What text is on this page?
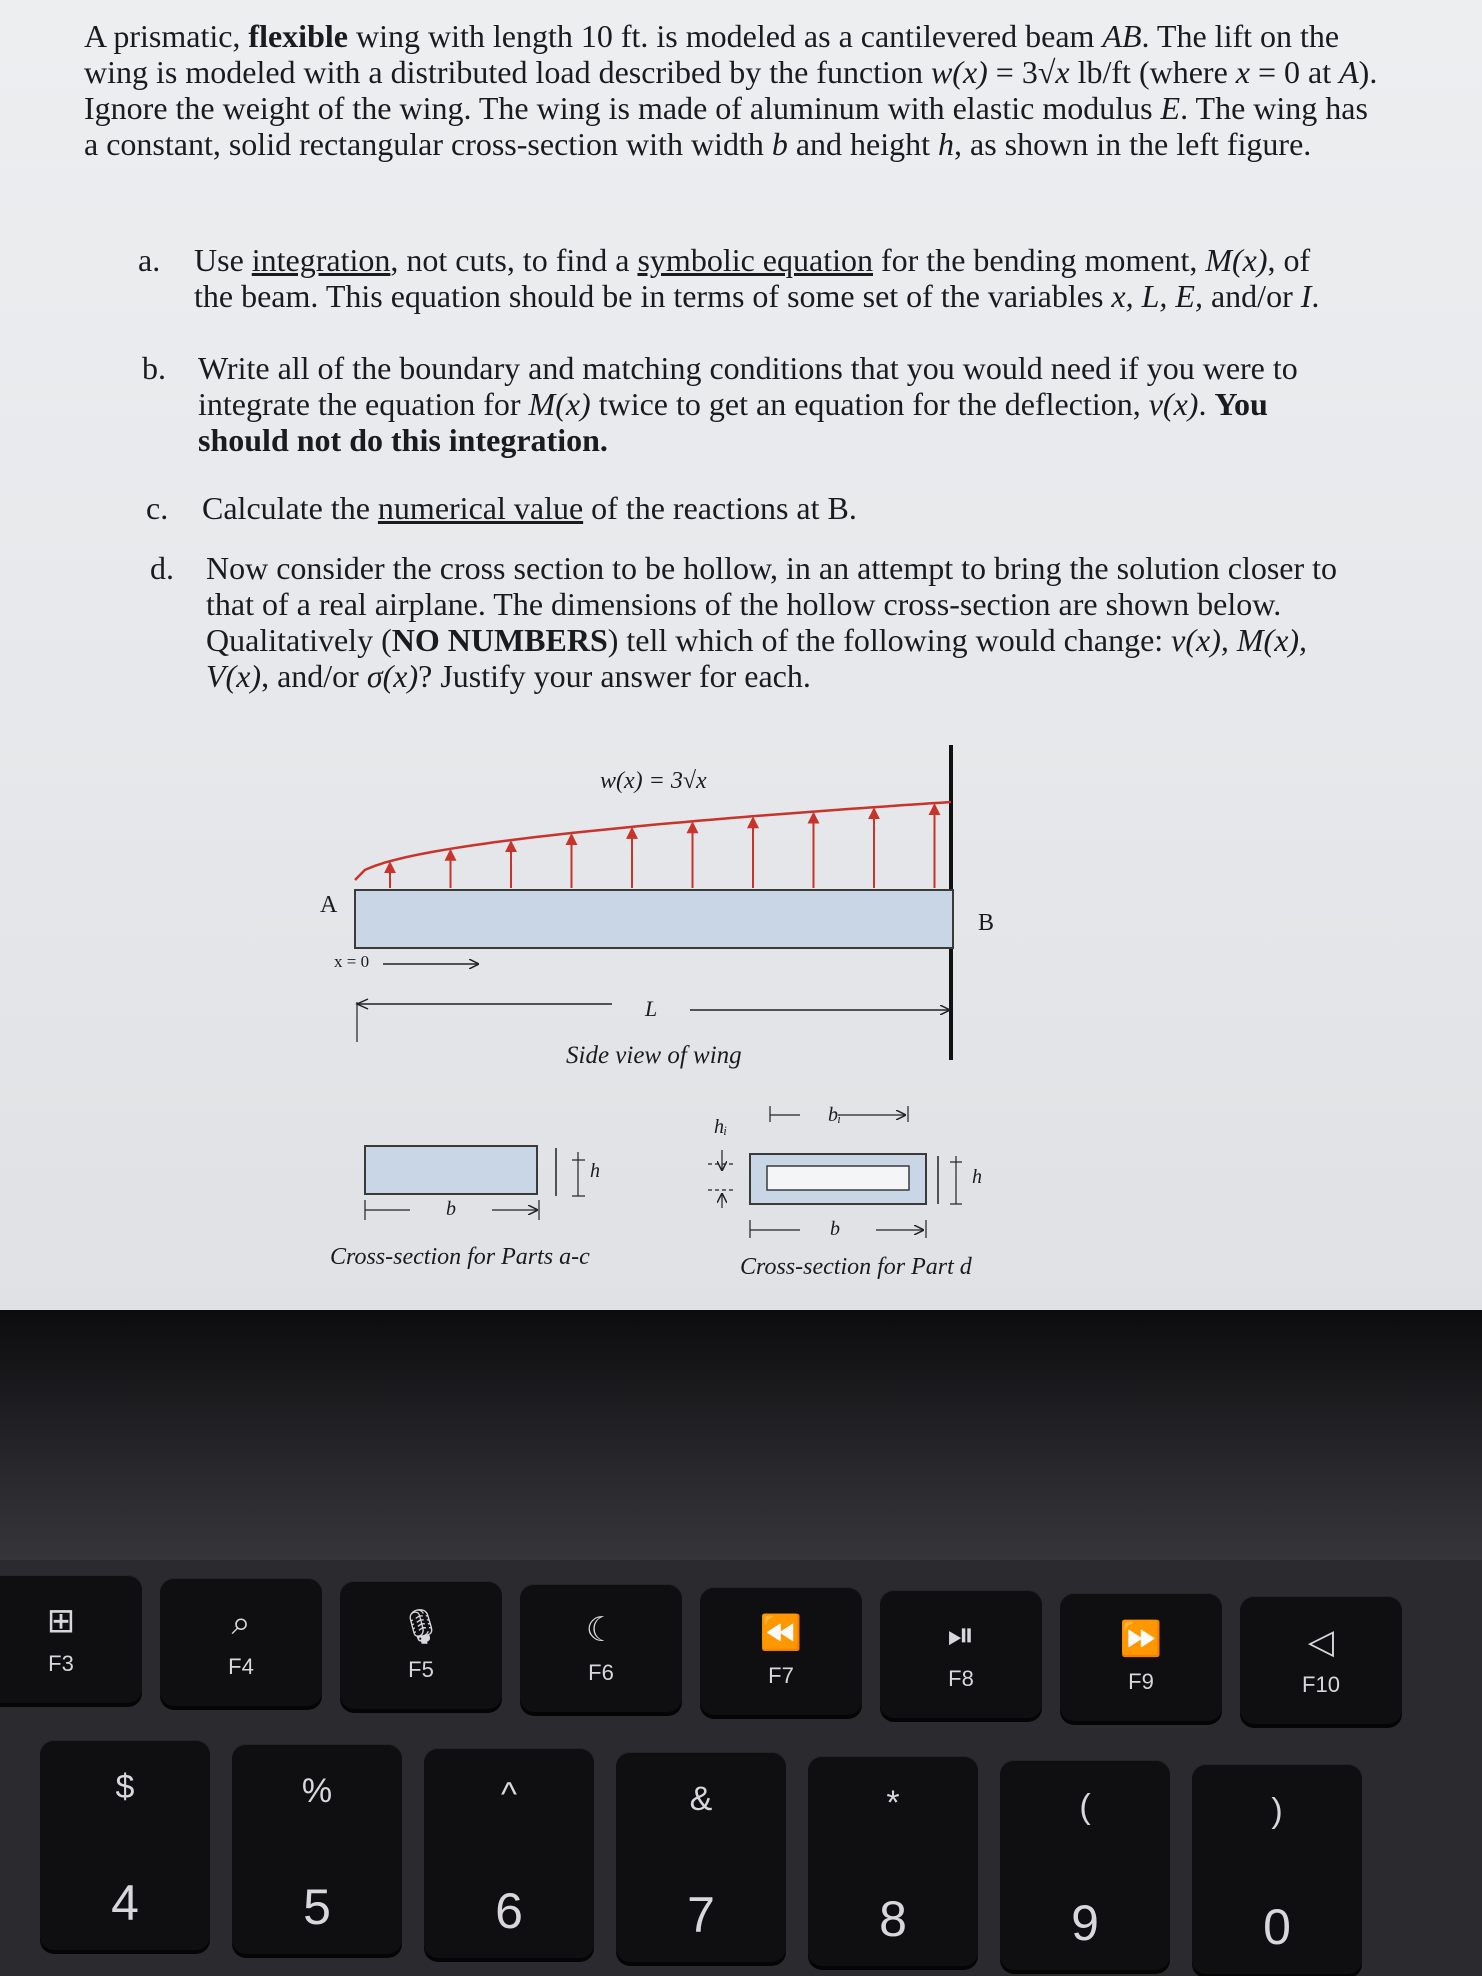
A prismatic, flexible wing with length 10 ft. is modeled as a cantilevered beam AB. The lift on the wing is modeled with a distributed load described by the function w(x) = 3√x lb/ft (where x = 0 at A). Ignore the weight of the wing. The wing is made of aluminum with elastic modulus E. The wing has a constant, solid rectangular cross-section with width b and height h, as shown in the left figure.
a.	Use integration, not cuts, to find a symbolic equation for the bending moment, M(x), of the beam. This equation should be in terms of some set of the variables x, L, E, and/or I.
b.	Write all of the boundary and matching conditions that you would need if you were to integrate the equation for M(x) twice to get an equation for the deflection, v(x). You should not do this integration.
c.	Calculate the numerical value of the reactions at B.
d.	Now consider the cross section to be hollow, in an attempt to bring the solution closer to that of a real airplane. The dimensions of the hollow cross-section are shown below. Qualitatively (NO NUMBERS) tell which of the following would change: v(x), M(x), V(x), and/or σ(x)? Justify your answer for each.
w(x) = 3√x
A
B
x = 0
L
Side view of wing
h
b
Cross-section for Parts a-c
hᵢ
bᵢ
h
b
Cross-section for Part d
⊞
F3
⌕
F4
🎙
F5
☾
F6
⏪
F7
⏯
F8
⏩
F9
◁
F10
$
4
%
5
^
6
&
7
*
8
(
9
)
0
